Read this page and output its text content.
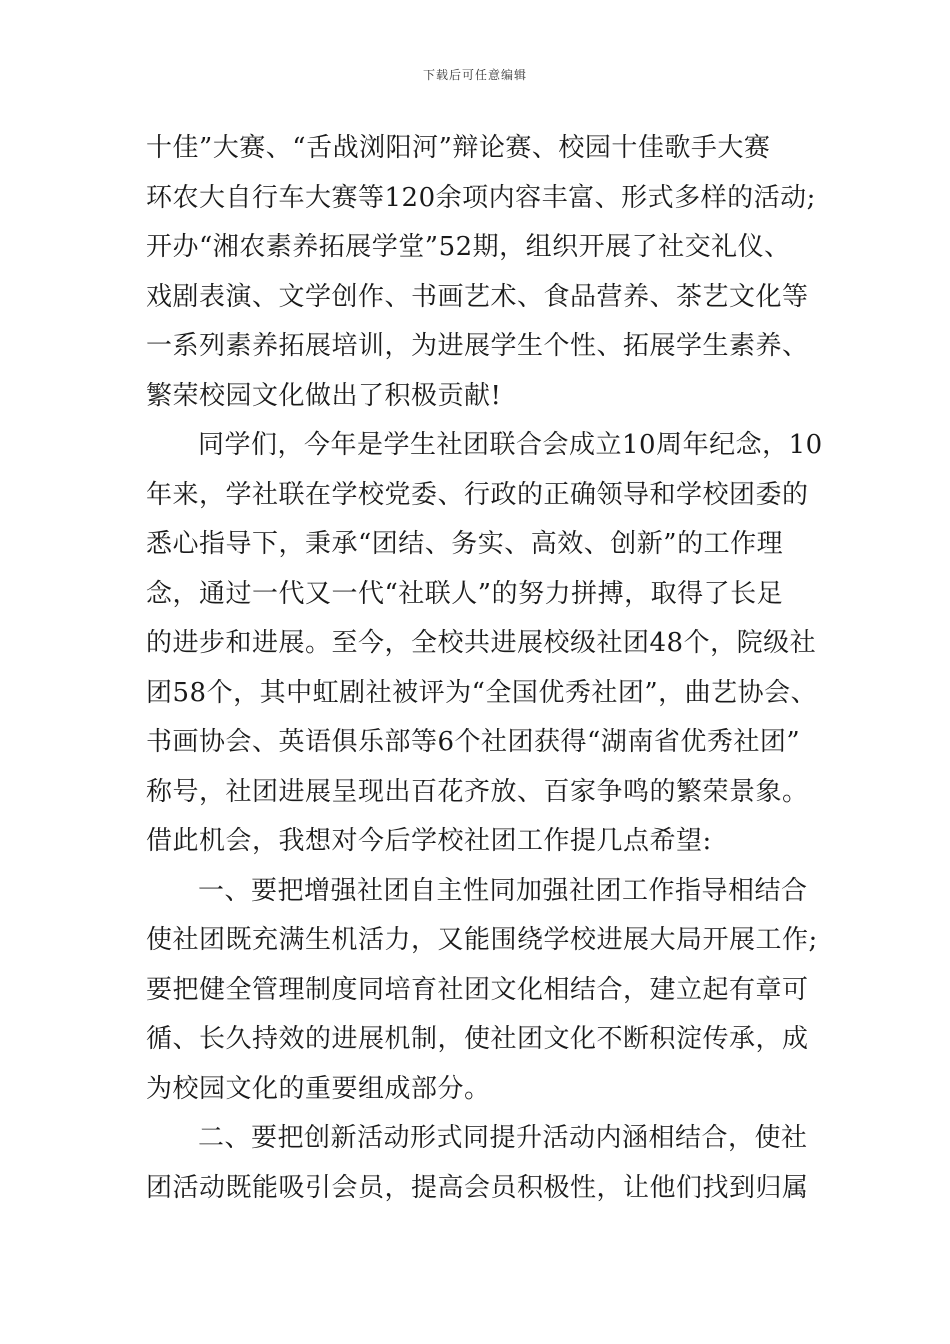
下载后可任意编辑
十佳”大赛、“舌战浏阳河”辩论赛、校园十佳歌手大赛
环农大自行车大赛等120余项内容丰富、形式多样的活动;
开办“湘农素养拓展学堂”52期，组织开展了社交礼仪、
戏剧表演、文学创作、书画艺术、食品营养、茶艺文化等
一系列素养拓展培训，为进展学生个性、拓展学生素养、
繁荣校园文化做出了积极贡献!
同学们，今年是学生社团联合会成立10周年纪念，10
年来，学社联在学校党委、行政的正确领导和学校团委的
悉心指导下，秉承“团结、务实、高效、创新”的工作理
念，通过一代又一代“社联人”的努力拼搏，取得了长足
的进步和进展。至今，全校共进展校级社团48个，院级社
团58个，其中虹剧社被评为“全国优秀社团”，曲艺协会、
书画协会、英语俱乐部等6个社团获得“湖南省优秀社团”
称号，社团进展呈现出百花齐放、百家争鸣的繁荣景象。
借此机会，我想对今后学校社团工作提几点希望:
一、要把增强社团自主性同加强社团工作指导相结合
使社团既充满生机活力，又能围绕学校进展大局开展工作;
要把健全管理制度同培育社团文化相结合，建立起有章可
循、长久持效的进展机制，使社团文化不断积淀传承，成
为校园文化的重要组成部分。
二、要把创新活动形式同提升活动内涵相结合，使社
团活动既能吸引会员，提高会员积极性，让他们找到归属
